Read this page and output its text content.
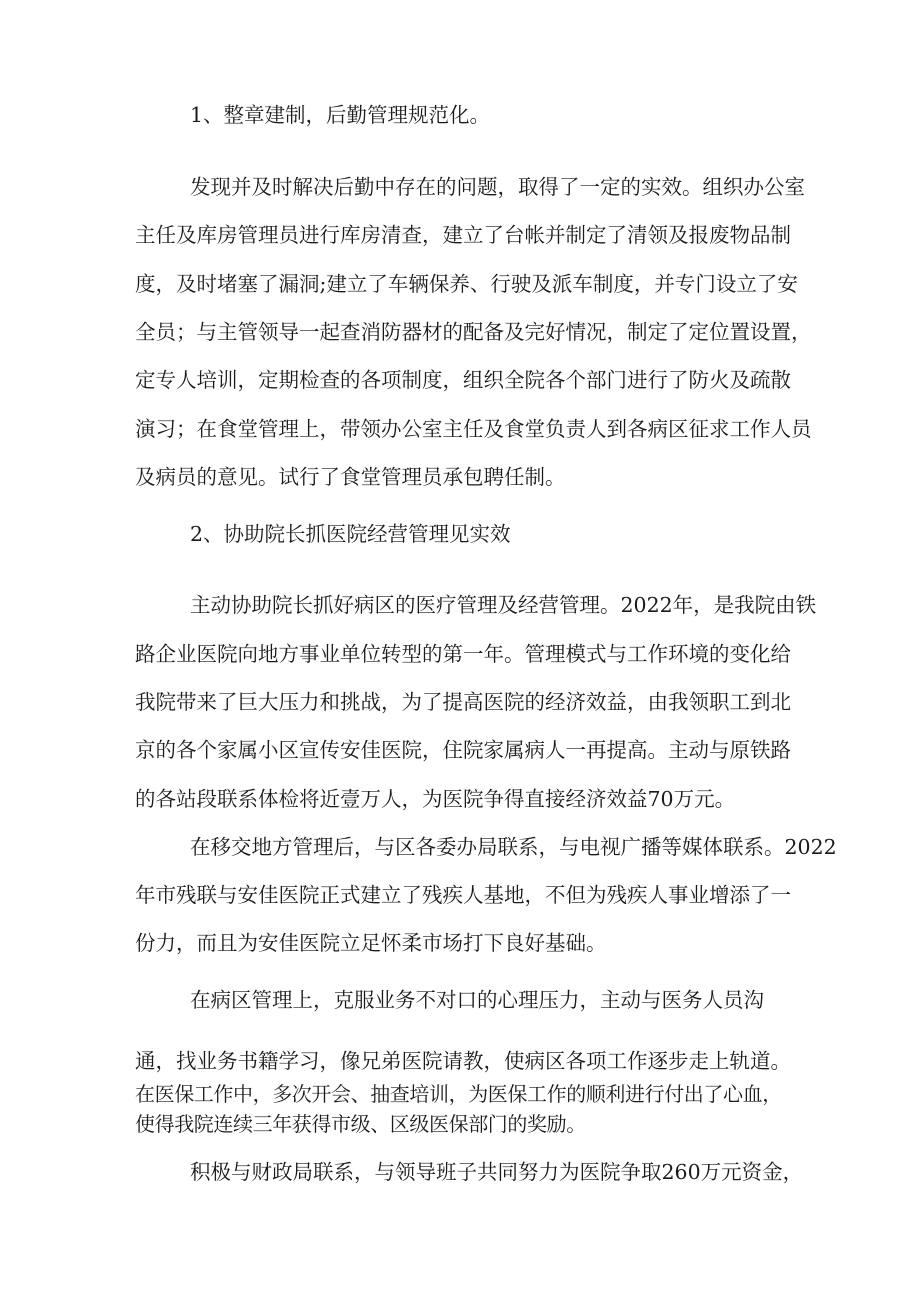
1、整章建制，后勤管理规范化。
发现并及时解决后勤中存在的问题，取得了一定的实效。组织办公室
主任及库房管理员进行库房清查，建立了台帐并制定了清领及报废物品制
度，及时堵塞了漏洞;建立了车辆保养、行驶及派车制度，并专门设立了安
全员；与主管领导一起查消防器材的配备及完好情况，制定了定位置设置，
定专人培训，定期检查的各项制度，组织全院各个部门进行了防火及疏散
演习；在食堂管理上，带领办公室主任及食堂负责人到各病区征求工作人员
及病员的意见。试行了食堂管理员承包聘任制。
2、协助院长抓医院经营管理见实效
主动协助院长抓好病区的医疗管理及经营管理。2022年，是我院由铁
路企业医院向地方事业单位转型的第一年。管理模式与工作环境的变化给
我院带来了巨大压力和挑战，为了提高医院的经济效益，由我领职工到北
京的各个家属小区宣传安佳医院，住院家属病人一再提高。主动与原铁路
的各站段联系体检将近壹万人，为医院争得直接经济效益70万元。
在移交地方管理后，与区各委办局联系，与电视广播等媒体联系。2022
年市残联与安佳医院正式建立了残疾人基地，不但为残疾人事业增添了一
份力，而且为安佳医院立足怀柔市场打下良好基础。
在病区管理上，克服业务不对口的心理压力，主动与医务人员沟
通，找业务书籍学习，像兄弟医院请教，使病区各项工作逐步走上轨道。
在医保工作中，多次开会、抽查培训，为医保工作的顺利进行付出了心血，
使得我院连续三年获得市级、区级医保部门的奖励。
积极与财政局联系，与领导班子共同努力为医院争取260万元资金，
